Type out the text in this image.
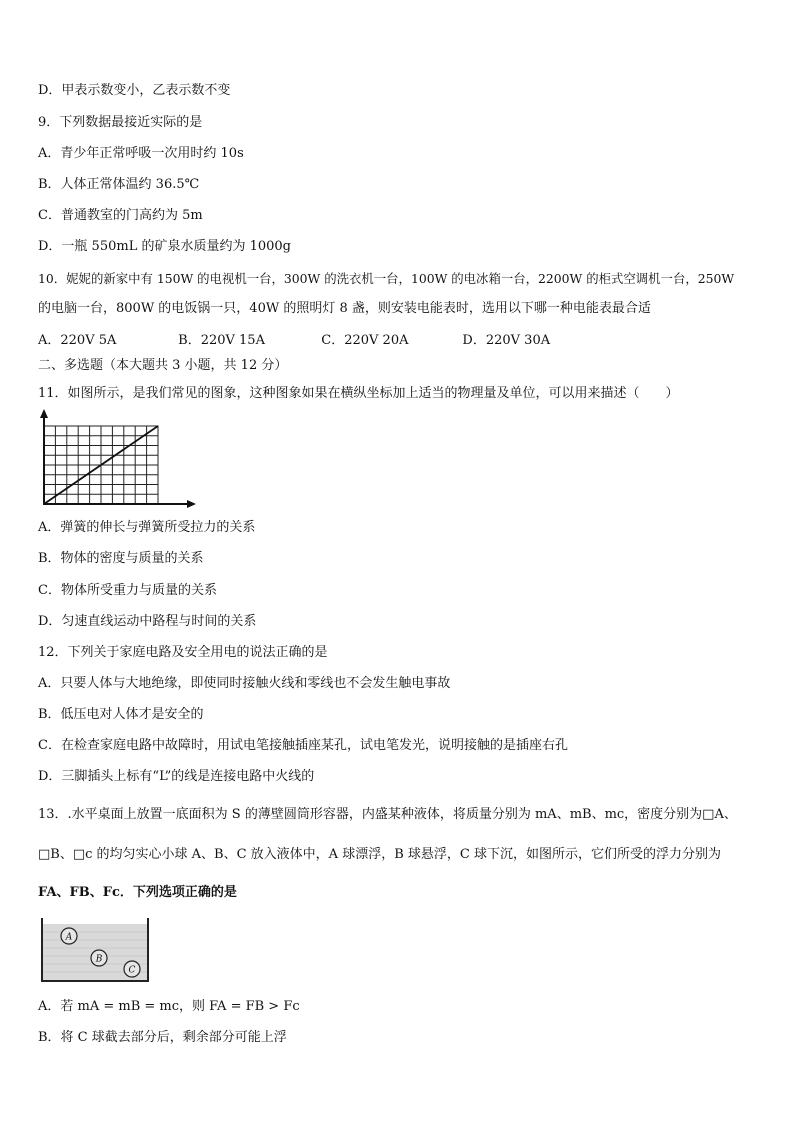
D．甲表示数变小，乙表示数不变
9．下列数据最接近实际的是
A．青少年正常呼吸一次用时约 10s
B．人体正常体温约 36.5℃
C．普通教室的门高约为 5m
D．一瓶 550mL 的矿泉水质量约为 1000g
10．妮妮的新家中有 150W 的电视机一台，300W 的洗衣机一台，100W 的电冰箱一台，2200W 的柜式空调机一台，250W
的电脑一台，800W 的电饭锅一只，40W 的照明灯 8 盏，则安装电能表时，选用以下哪一种电能表最合适
A．220V 5A	B．220V 15A	C．220V 20A	D．220V 30A
二、多选题（本大题共 3 小题，共 12 分）
11．如图所示，是我们常见的图象，这种图象如果在横纵坐标加上适当的物理量及单位，可以用来描述（　　）
A．弹簧的伸长与弹簧所受拉力的关系
B．物体的密度与质量的关系
C．物体所受重力与质量的关系
D．匀速直线运动中路程与时间的关系
12．下列关于家庭电路及安全用电的说法正确的是
A．只要人体与大地绝缘，即使同时接触火线和零线也不会发生触电事故
B．低压电对人体才是安全的
C．在检查家庭电路中故障时，用试电笔接触插座某孔，试电笔发光，说明接触的是插座右孔
D．三脚插头上标有“L”的线是连接电路中火线的
13．.水平桌面上放置一底面积为 S 的薄壁圆筒形容器，内盛某种液体，将质量分别为 mA、mB、mc，密度分别为□A、
□B、□c 的均匀实心小球 A、B、C 放入液体中，A 球漂浮，B 球悬浮，C 球下沉，如图所示，它们所受的浮力分别为
FA、FB、Fc．下列选项正确的是
A
B
C
A．若 mA = mB = mc，则 FA = FB > Fc
B．将 C 球截去部分后，剩余部分可能上浮
